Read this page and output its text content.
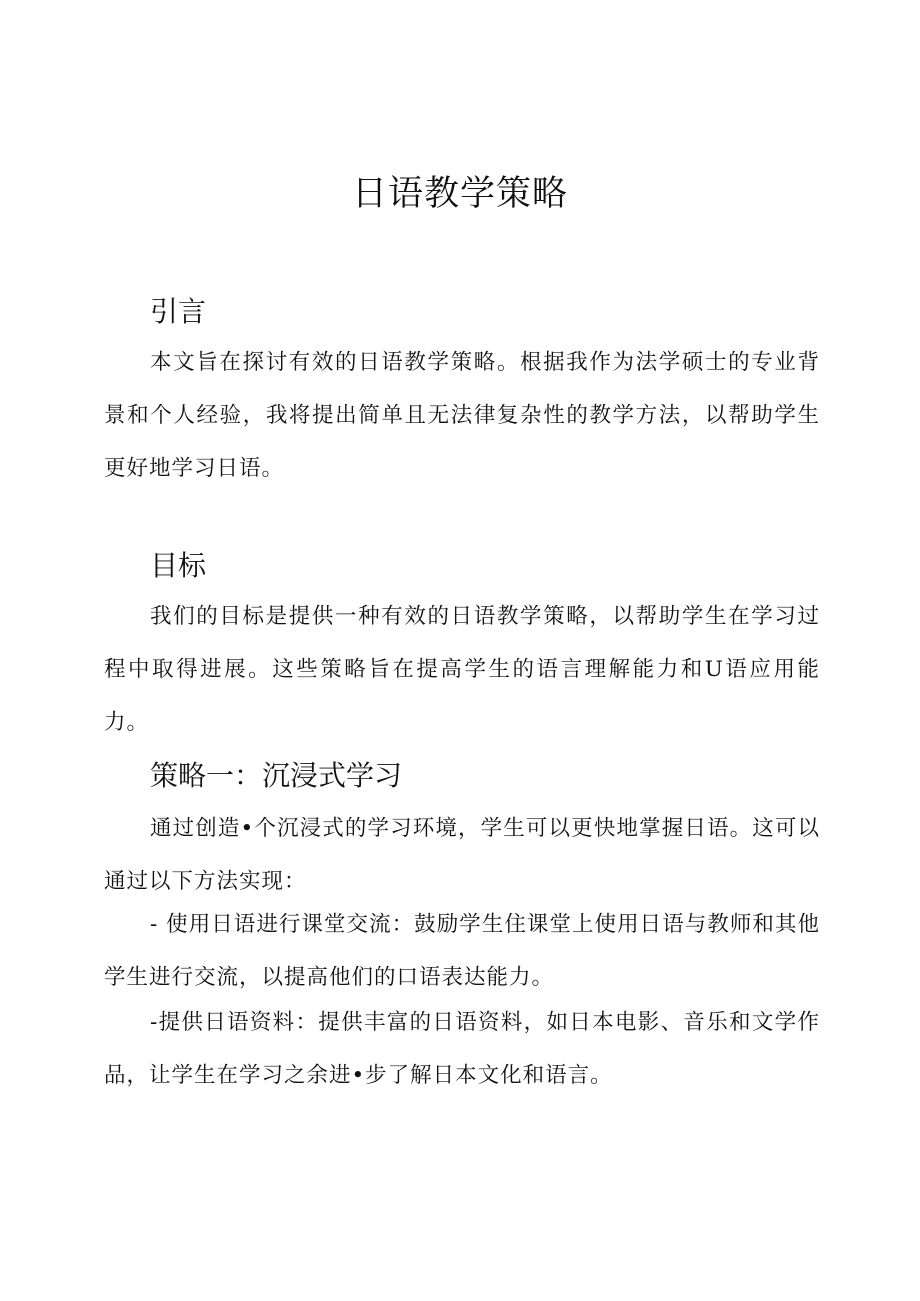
日语教学策略
引言

本文旨在探讨有效的日语教学策略。根据我作为法学硕士的专业背景和个人经验，我将提出简单且无法律复杂性的教学方法，以帮助学生更好地学习日语。

目标

我们的目标是提供一种有效的日语教学策略，以帮助学生在学习过程中取得进展。这些策略旨在提高学生的语言理解能力和U语应用能力。

策略一：沉浸式学习

通过创造•个沉浸式的学习环境，学生可以更快地掌握日语。这可以通过以下方法实现：

- 使用日语进行课堂交流：鼓励学生住课堂上使用日语与教师和其他学生进行交流，以提高他们的口语表达能力。

-提供日语资料：提供丰富的日语资料，如日本电影、音乐和文学作品，让学生在学习之余进•步了解日本文化和语言。
